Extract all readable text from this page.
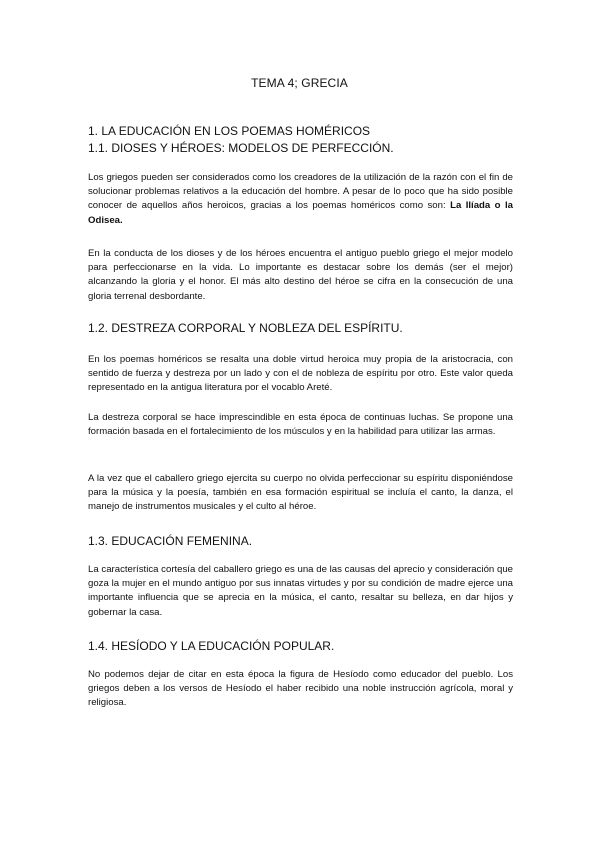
TEMA 4; GRECIA
1. LA EDUCACIÓN EN LOS POEMAS HOMÉRICOS
1.1. DIOSES Y HÉROES: MODELOS DE PERFECCIÓN.
Los griegos pueden ser considerados como los creadores de la utilización de la razón con el fin de solucionar problemas relativos a la educación del hombre. A pesar de lo poco que ha sido posible conocer de aquellos años heroicos, gracias a los poemas homéricos como son: La Ilíada o la Odisea.
En la conducta de los dioses y de los héroes encuentra el antiguo pueblo griego el mejor modelo para perfeccionarse en la vida. Lo importante es destacar sobre los demás (ser el mejor) alcanzando la gloria y el honor. El más alto destino del héroe se cifra en la consecución de una gloria terrenal desbordante.
1.2. DESTREZA CORPORAL Y NOBLEZA DEL ESPÍRITU.
En los poemas homéricos se resalta una doble virtud heroica muy propia de la aristocracia, con sentido de fuerza y destreza por un lado y con el de nobleza de espíritu por otro. Este valor queda representado en la antigua literatura por el vocablo Areté.
La destreza corporal se hace imprescindible en esta época de continuas luchas. Se propone una formación basada en el fortalecimiento de los músculos y en la habilidad para utilizar las armas.
A la vez que el caballero griego ejercita su cuerpo no olvida perfeccionar su espíritu disponiéndose para la música y la poesía, también en esa formación espiritual se incluía el canto, la danza, el manejo de instrumentos musicales y el culto al héroe.
1.3. EDUCACIÓN FEMENINA.
La característica cortesía del caballero griego es una de las causas del aprecio y consideración que goza la mujer en el mundo antiguo por sus innatas virtudes y por su condición de madre ejerce una importante influencia que se aprecia en la música, el canto, resaltar su belleza, en dar hijos y gobernar la casa.
1.4. HESÍODO Y LA EDUCACIÓN POPULAR.
No podemos dejar de citar en esta época la figura de Hesíodo como educador del pueblo. Los griegos deben a los versos de Hesíodo el haber recibido una noble instrucción agrícola, moral y religiosa.
